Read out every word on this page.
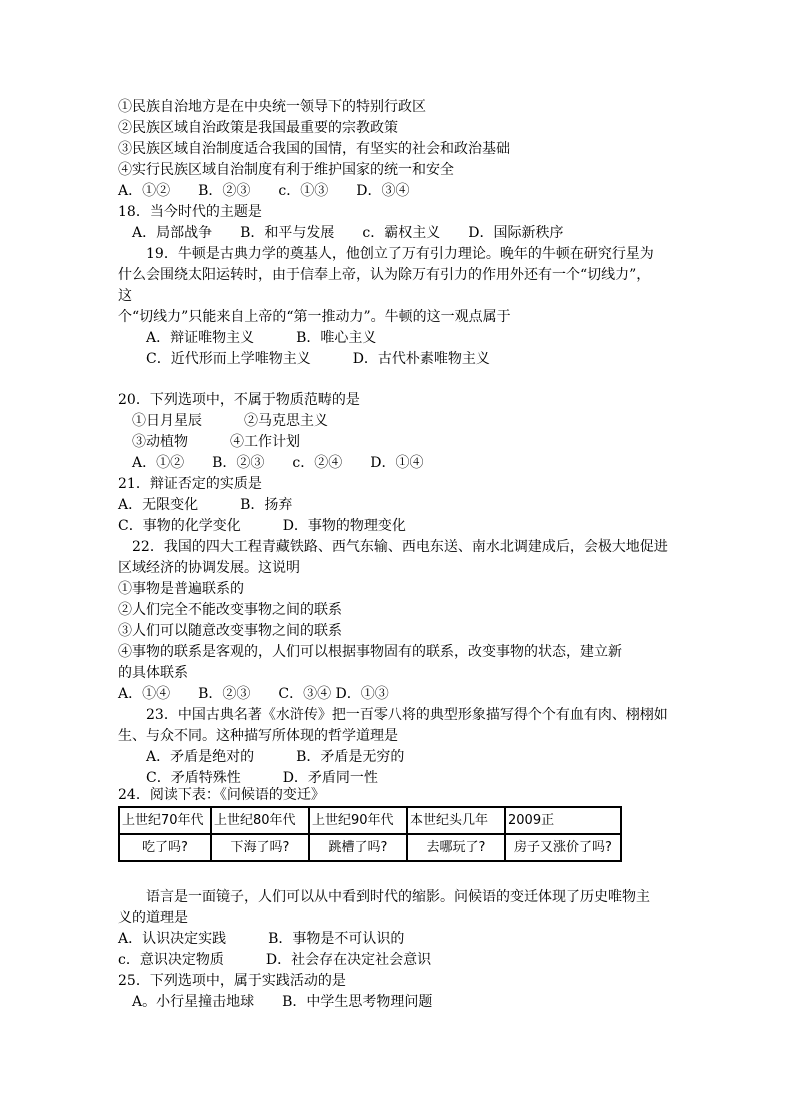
①民族自治地方是在中央统一领导下的特别行政区
②民族区域自治政策是我国最重要的宗教政策
③民族区域自治制度适合我国的国情，有坚实的社会和政治基础
④实行民族区域自治制度有利于维护国家的统一和安全
A．①②　　B．②③　　c．①③　　D．③④
18．当今时代的主题是
A．局部战争　　B．和平与发展　　c．霸权主义　　D．国际新秩序
19．牛顿是古典力学的奠基人，他创立了万有引力理论。晚年的牛顿在研究行星为
什么会围绕太阳运转时，由于信奉上帝，认为除万有引力的作用外还有一个“切线力”，
这
个“切线力”只能来自上帝的“第一推动力”。牛顿的这一观点属于
A．辩证唯物主义　　　B．唯心主义
C．近代形而上学唯物主义　　　D．古代朴素唯物主义
20．下列选项中，不属于物质范畴的是
①日月星辰　　　②马克思主义
③动植物　　　④工作计划
A．①②　　B．②③　　c．②④　　D．①④
21．辩证否定的实质是
A．无限变化　　　B．扬弃
C．事物的化学变化　　　D．事物的物理变化
22．我国的四大工程青藏铁路、西气东输、西电东送、南水北调建成后，会极大地促进
区域经济的协调发展。这说明
①事物是普遍联系的
②人们完全不能改变事物之间的联系
③人们可以随意改变事物之间的联系
④事物的联系是客观的，人们可以根据事物固有的联系，改变事物的状态，建立新
的具体联系
A．①④　　B．②③　　C．③④ D．①③
23．中国古典名著《水浒传》把一百零八将的典型形象描写得个个有血有肉、栩栩如
生、与众不同。这种描写所体现的哲学道理是
A．矛盾是绝对的　　　B．矛盾是无穷的
C．矛盾特殊性　　　D．矛盾同一性
24．阅读下表：《问候语的变迁》
上世纪70年代	上世纪80年代	上世纪90年代	本世纪头几年	2009正
吃了吗?	下海了吗?	跳槽了吗?	去哪玩了?	房子又涨价了吗?
语言是一面镜子，人们可以从中看到时代的缩影。问候语的变迁体现了历史唯物主
义的道理是
A．认识决定实践　　　B．事物是不可认识的
c．意识决定物质　　　D．社会存在决定社会意识
25．下列选项中，属于实践活动的是
A。小行星撞击地球　　B．中学生思考物理问题
